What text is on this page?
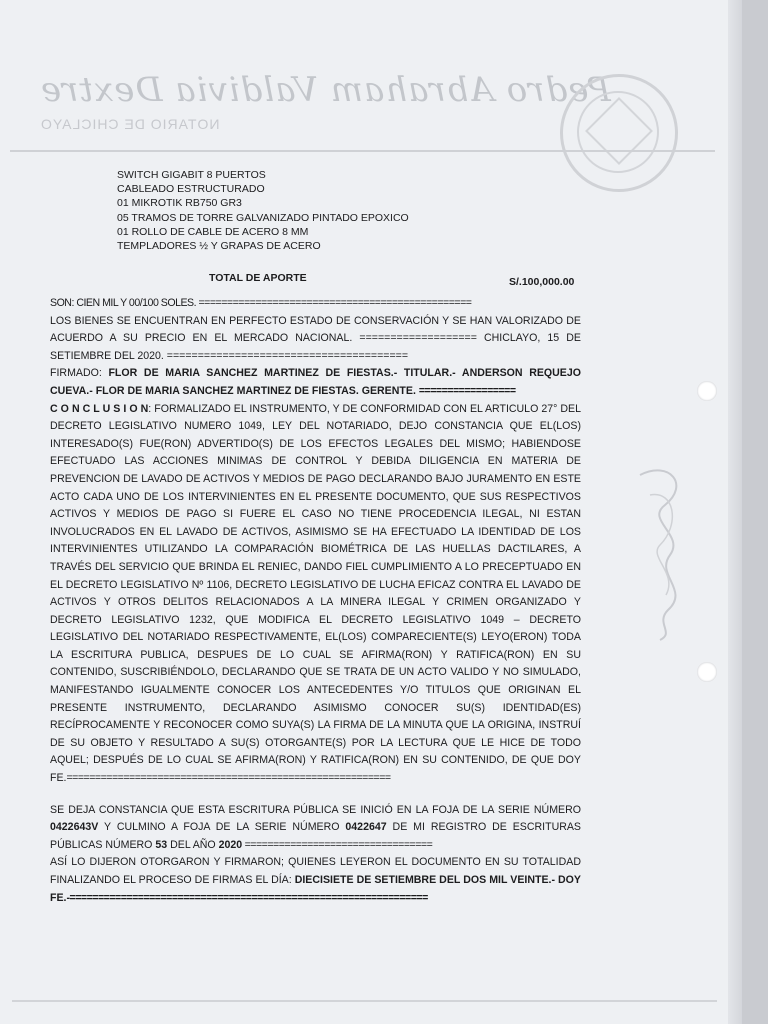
Pedro Abraham Valdivia Dextre
NOTARIO DE CHICLAYO
SWITCH GIGABIT 8 PUERTOS
CABLEADO ESTRUCTURADO
01 MIKROTIK RB750 GR3
05 TRAMOS DE TORRE GALVANIZADO PINTADO EPOXICO
01 ROLLO DE CABLE DE ACERO 8 MM
TEMPLADORES ½ Y GRAPAS DE ACERO
TOTAL DE APORTE	S/.100,000.00

SON: CIEN MIL Y 00/100 SOLES. ================================================

LOS BIENES SE ENCUENTRAN EN PERFECTO ESTADO DE CONSERVACIÓN Y SE HAN VALORIZADO DE ACUERDO A SU PRECIO EN EL MERCADO NACIONAL. =================== CHICLAYO, 15 DE SETIEMBRE DEL 2020. =======================================

FIRMADO: FLOR DE MARIA SANCHEZ MARTINEZ DE FIESTAS.- TITULAR.- ANDERSON REQUEJO CUEVA.- FLOR DE MARIA SANCHEZ MARTINEZ DE FIESTAS. GERENTE. =================

C O N C L U S I O N: FORMALIZADO EL INSTRUMENTO, Y DE CONFORMIDAD CON EL ARTICULO 27° DEL DECRETO LEGISLATIVO NUMERO 1049, LEY DEL NOTARIADO, DEJO CONSTANCIA QUE EL(LOS) INTERESADO(S) FUE(RON) ADVERTIDO(S) DE LOS EFECTOS LEGALES DEL MISMO; HABIENDOSE EFECTUADO LAS ACCIONES MINIMAS DE CONTROL Y DEBIDA DILIGENCIA EN MATERIA DE PREVENCION DE LAVADO DE ACTIVOS Y MEDIOS DE PAGO DECLARANDO BAJO JURAMENTO EN ESTE ACTO CADA UNO DE LOS INTERVINIENTES EN EL PRESENTE DOCUMENTO, QUE SUS RESPECTIVOS ACTIVOS Y MEDIOS DE PAGO SI FUERE EL CASO NO TIENE PROCEDENCIA ILEGAL, NI ESTAN INVOLUCRADOS EN EL LAVADO DE ACTIVOS, ASIMISMO SE HA EFECTUADO LA IDENTIDAD DE LOS INTERVINIENTES UTILIZANDO LA COMPARACIÓN BIOMÉTRICA DE LAS HUELLAS DACTILARES, A TRAVÉS DEL SERVICIO QUE BRINDA EL RENIEC, DANDO FIEL CUMPLIMIENTO A LO PRECEPTUADO EN EL DECRETO LEGISLATIVO Nº 1106, DECRETO LEGISLATIVO DE LUCHA EFICAZ CONTRA EL LAVADO DE ACTIVOS Y OTROS DELITOS RELACIONADOS A LA MINERA ILEGAL Y CRIMEN ORGANIZADO Y DECRETO LEGISLATIVO 1232, QUE MODIFICA EL DECRETO LEGISLATIVO 1049 – DECRETO LEGISLATIVO DEL NOTARIADO RESPECTIVAMENTE, EL(LOS) COMPARECIENTE(S) LEYO(ERON) TODA LA ESCRITURA PUBLICA, DESPUES DE LO CUAL SE AFIRMA(RON) Y RATIFICA(RON) EN SU CONTENIDO, SUSCRIBIÉNDOLO, DECLARANDO QUE SE TRATA DE UN ACTO VALIDO Y NO SIMULADO, MANIFESTANDO IGUALMENTE CONOCER LOS ANTECEDENTES Y/O TITULOS QUE ORIGINAN EL PRESENTE INSTRUMENTO, DECLARANDO ASIMISMO CONOCER SU(S) IDENTIDAD(ES) RECÍPROCAMENTE Y RECONOCER COMO SUYA(S) LA FIRMA DE LA MINUTA QUE LA ORIGINA, INSTRUÍ DE SU OBJETO Y RESULTADO A SU(S) OTORGANTE(S) POR LA LECTURA QUE LE HICE DE TODO AQUEL; DESPUÉS DE LO CUAL SE AFIRMA(RON) Y RATIFICA(RON) EN SU CONTENIDO, DE QUE DOY FE.=========================================================

SE DEJA CONSTANCIA QUE ESTA ESCRITURA PÚBLICA SE INICIÓ EN LA FOJA DE LA SERIE NÚMERO 0422643V Y CULMINO A FOJA DE LA SERIE NÚMERO 0422647 DE MI REGISTRO DE ESCRITURAS PÚBLICAS NÚMERO 53 DEL AÑO 2020 =================================

ASÍ LO DIJERON OTORGARON Y FIRMARON; QUIENES LEYERON EL DOCUMENTO EN SU TOTALIDAD FINALIZANDO EL PROCESO DE FIRMAS EL DÍA: DIECISIETE DE SETIEMBRE DEL DOS MIL VEINTE.- DOY FE.-===============================================================
